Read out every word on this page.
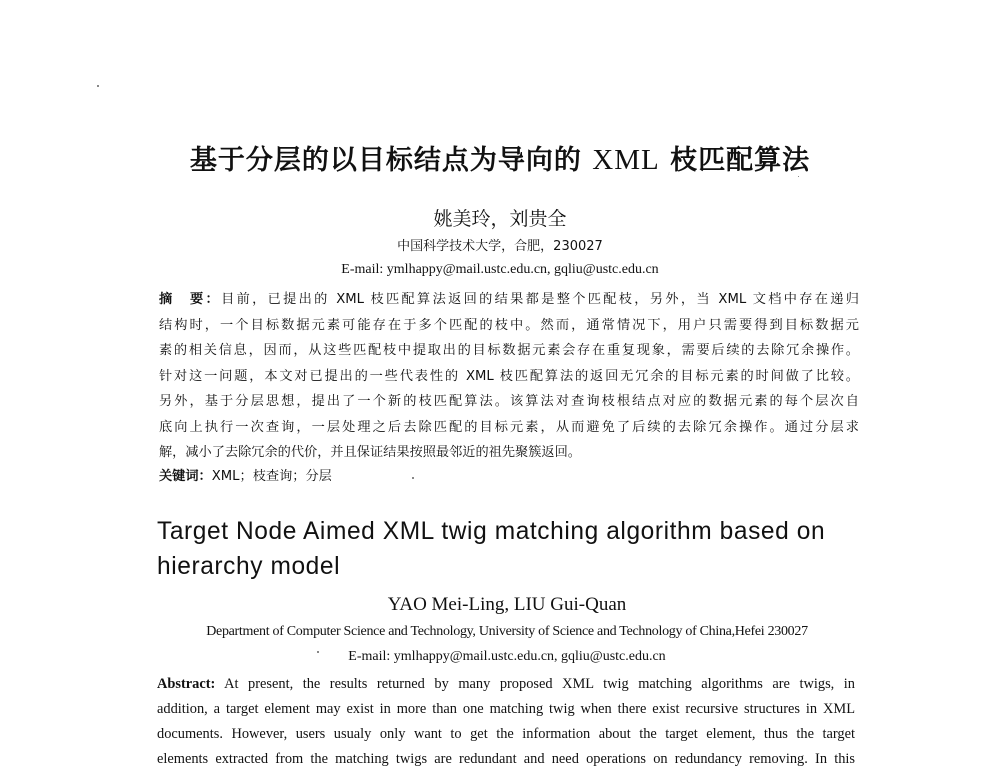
基于分层的以目标结点为导向的 XML 枝匹配算法
姚美玲，刘贵全
中国科学技术大学，合肥，230027
E-mail: ymlhappy@mail.ustc.edu.cn, gqliu@ustc.edu.cn
摘　要：目前，已提出的 XML 枝匹配算法返回的结果都是整个匹配枝，另外，当 XML 文档中存在递归
结构时，一个目标数据元素可能存在于多个匹配的枝中。然而，通常情况下，用户只需要得到目标数据元
素的相关信息，因而，从这些匹配枝中提取出的目标数据元素会存在重复现象，需要后续的去除冗余操作。
针对这一问题，本文对已提出的一些代表性的 XML 枝匹配算法的返回无冗余的目标元素的时间做了比较。
另外，基于分层思想，提出了一个新的枝匹配算法。该算法对查询枝根结点对应的数据元素的每个层次自
底向上执行一次查询，一层处理之后去除匹配的目标元素，从而避免了后续的去除冗余操作。通过分层求
解，减小了去除冗余的代价，并且保证结果按照最邻近的祖先聚簇返回。
关键词：XML；枝查询；分层
Target Node Aimed XML twig matching algorithm based on
hierarchy model
YAO Mei-Ling, LIU Gui-Quan
Department of Computer Science and Technology, University of Science and Technology of China,Hefei 230027
E-mail: ymlhappy@mail.ustc.edu.cn, gqliu@ustc.edu.cn
Abstract: At present, the results returned by many proposed XML twig matching algorithms are twigs, in
addition, a target element may exist in more than one matching twig when there exist recursive structures in XML
documents. However, users usualy only want to get the information about the target element, thus the target
elements extracted from the matching twigs are redundant and need operations on redundancy removing. In this
